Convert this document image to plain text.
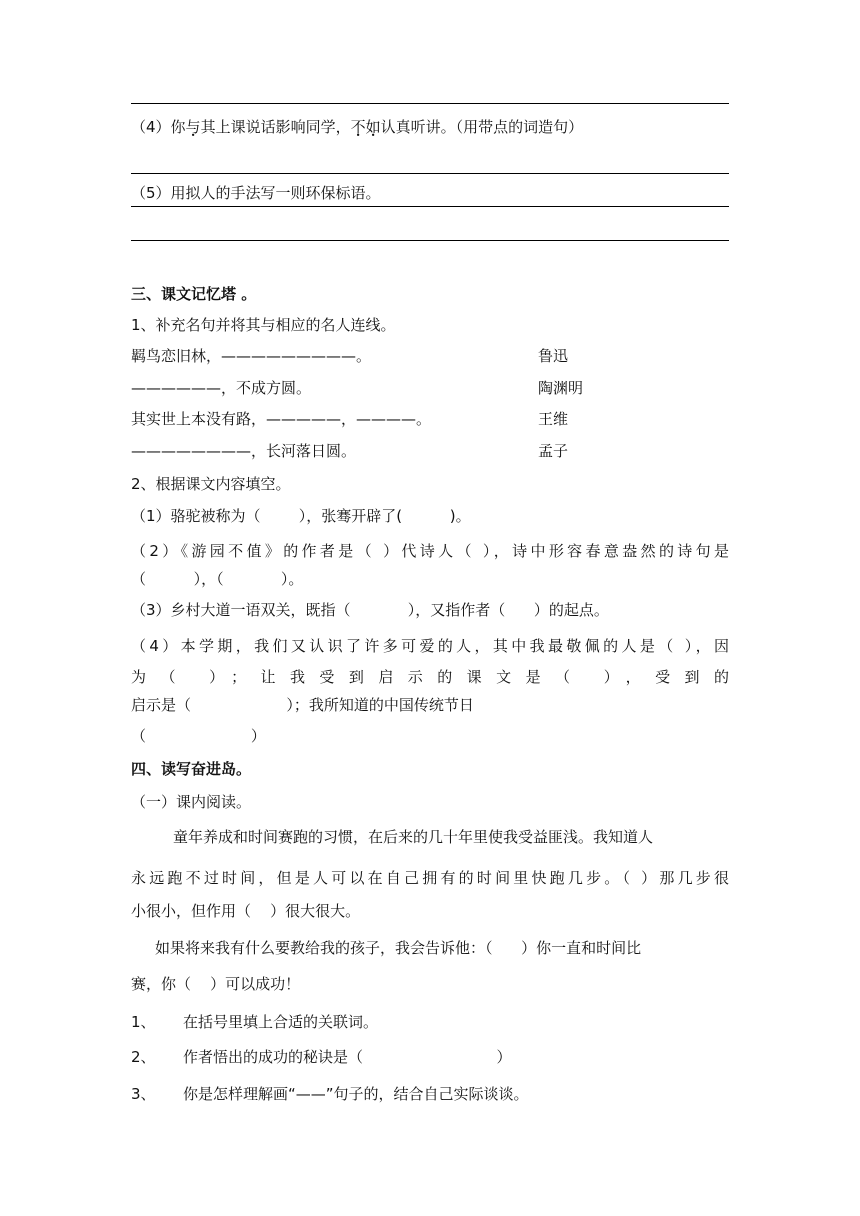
（4）你与其上课说话影响同学，不如认真听讲。（用带点的词造句）
（5）用拟人的手法写一则环保标语。
三、课文记忆塔 。
1、补充名句并将其与相应的名人连线。
羁鸟恋旧林，—————————。	鲁迅
——————，不成方圆。	陶渊明
其实世上本没有路，—————，————。	王维
————————，长河落日圆。	孟子
2、根据课文内容填空。
（1）骆驼被称为（        ），张骞开辟了(          )。
（2）《游园不值》的作者是（ ）代诗人（ ），诗中形容春意盎然的诗句是
（          ），（            ）。
（3）乡村大道一语双关，既指（            ），又指作者（      ）的起点。
（4）本学期，我们又认识了许多可爱的人，其中我最敬佩的人是（ ），因
为（ ）；让我受到启示的课文是（ ），受到的
启示是（                    ）；我所知道的中国传统节日
（                      ）
四、读写奋进岛。
（一）课内阅读。
童年养成和时间赛跑的习惯，在后来的几十年里使我受益匪浅。我知道人
永远跑不过时间，但是人可以在自己拥有的时间里快跑几步。（ ）那几步很
小很小，但作用（    ）很大很大。
如果将来我有什么要教给我的孩子，我会告诉他：（      ）你一直和时间比
赛，你（    ）可以成功！
1、 在括号里填上合适的关联词。
2、 作者悟出的成功的秘诀是（                            ）
3、 你是怎样理解画“——”句子的，结合自己实际谈谈。
